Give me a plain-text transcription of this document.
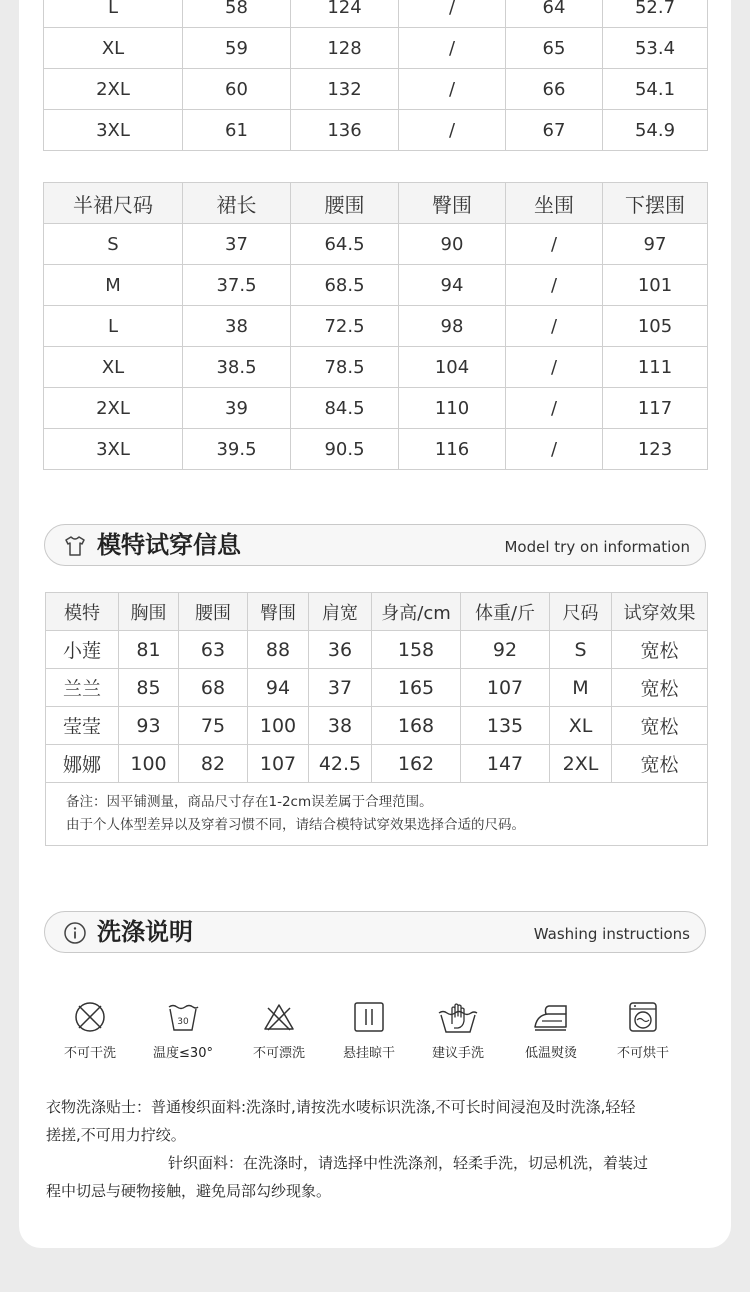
L	58	124	/	64	52.7
XL	59	128	/	65	53.4
2XL	60	132	/	66	54.1
3XL	61	136	/	67	54.9
半裙尺码	裙长	腰围	臀围	坐围	下摆围
S	37	64.5	90	/	97
M	37.5	68.5	94	/	101
L	38	72.5	98	/	105
XL	38.5	78.5	104	/	111
2XL	39	84.5	110	/	117
3XL	39.5	90.5	116	/	123
模特试穿信息	Model try on information
模特	胸围	腰围	臀围	肩宽	身高/cm	体重/斤	尺码	试穿效果
小莲	81	63	88	36	158	92	S	宽松
兰兰	85	68	94	37	165	107	M	宽松
莹莹	93	75	100	38	168	135	XL	宽松
娜娜	100	82	107	42.5	162	147	2XL	宽松

备注：因平铺测量，商品尺寸存在1-2cm误差属于合理范围。
由于个人体型差异以及穿着习惯不同，请结合模特试穿效果选择合适的尺码。								
洗涤说明	Washing instructions
不可干洗
30
温度≤30°	不可漂洗	悬挂晾干	建议手洗	低温熨烫	不可烘干
衣物洗涤贴士：普通梭织面料:洗涤时,请按洗水唛标识洗涤,不可长时间浸泡及时洗涤,轻轻
搓搓,不可用力拧绞。
针织面料：在洗涤时，请选择中性洗涤剂，轻柔手洗，切忌机洗，着装过
程中切忌与硬物接触，避免局部勾纱现象。
